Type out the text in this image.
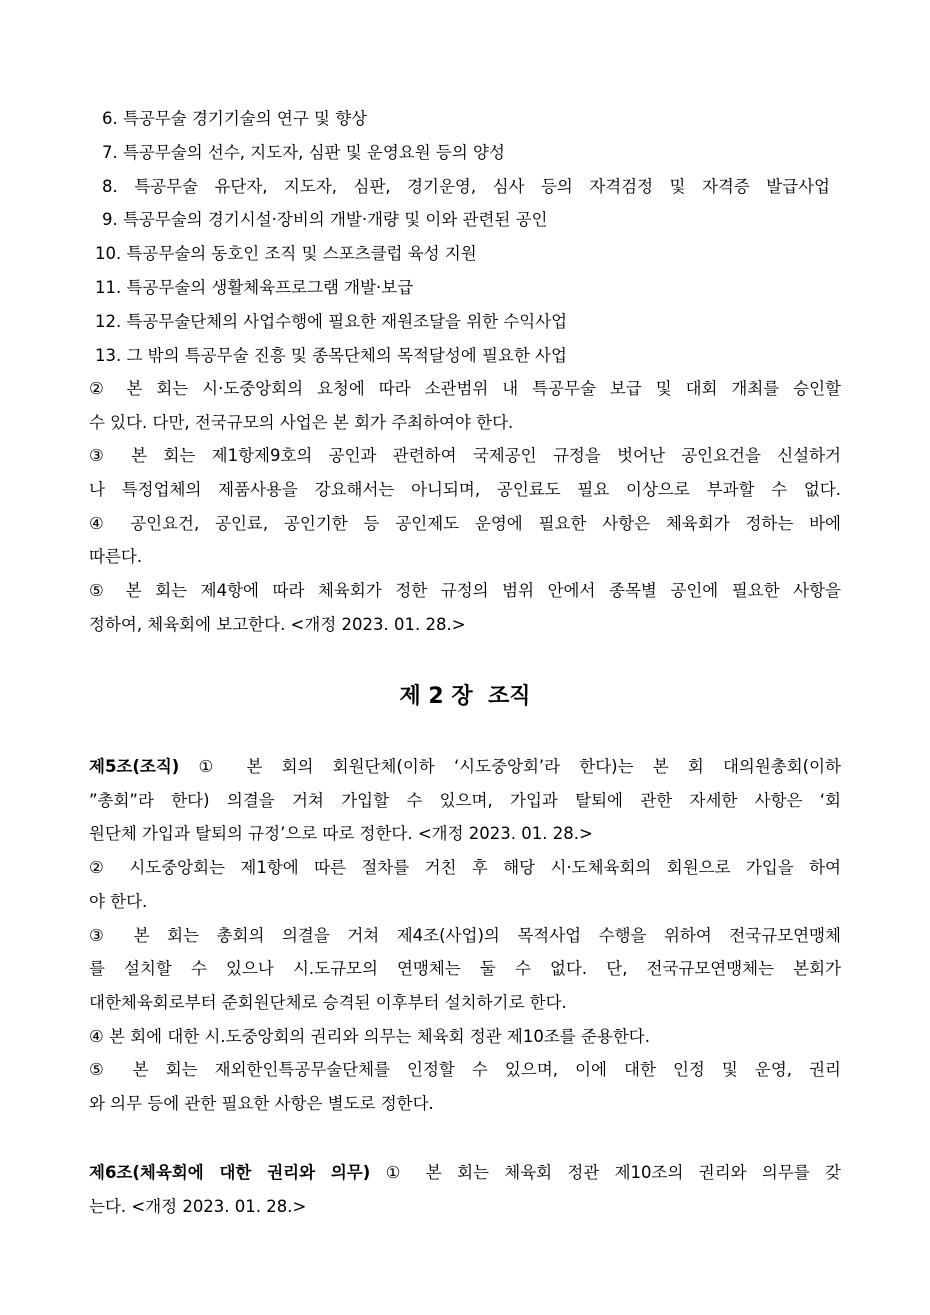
6. 특공무술 경기기술의 연구 및 향상
7. 특공무술의 선수, 지도자, 심판 및 운영요원 등의 양성
8. 특공무술 유단자, 지도자, 심판, 경기운영, 심사 등의 자격검정 및 자격증 발급사업
9. 특공무술의 경기시설·장비의 개발·개량 및 이와 관련된 공인
10. 특공무술의 동호인 조직 및 스포츠클럽 육성 지원
11. 특공무술의 생활체육프로그램 개발·보급
12. 특공무술단체의 사업수행에 필요한 재원조달을 위한 수익사업
13. 그 밖의 특공무술 진흥 및 종목단체의 목적달성에 필요한 사업
② 본 회는 시·도중앙회의 요청에 따라 소관범위 내 특공무술 보급 및 대회 개최를 승인할
수 있다. 다만, 전국규모의 사업은 본 회가 주최하여야 한다.
③ 본 회는 제1항제9호의 공인과 관련하여 국제공인 규정을 벗어난 공인요건을 신설하거
나 특정업체의 제품사용을 강요해서는 아니되며, 공인료도 필요 이상으로 부과할 수 없다.
④ 공인요건, 공인료, 공인기한 등 공인제도 운영에 필요한 사항은 체육회가 정하는 바에
따른다.
⑤ 본 회는 제4항에 따라 체육회가 정한 규정의 범위 안에서 종목별 공인에 필요한 사항을
정하여, 체육회에 보고한다. <개정 2023. 01. 28.>
제 2 장  조직
제5조(조직) ① 본 회의 회원단체(이하 ‘시도중앙회’라 한다)는 본 회 대의원총회(이하
”총회”라 한다) 의결을 거쳐 가입할 수 있으며, 가입과 탈퇴에 관한 자세한 사항은 ‘회
원단체 가입과 탈퇴의 규정’으로 따로 정한다. <개정 2023. 01. 28.>
② 시도중앙회는 제1항에 따른 절차를 거친 후 해당 시·도체육회의 회원으로 가입을 하여
야 한다.
③ 본 회는 총회의 의결을 거쳐 제4조(사업)의 목적사업 수행을 위하여 전국규모연맹체
를 설치할 수 있으나 시.도규모의 연맹체는 둘 수 없다. 단, 전국규모연맹체는 본회가
대한체육회로부터 준회원단체로 승격된 이후부터 설치하기로 한다.
④ 본 회에 대한 시.도중앙회의 권리와 의무는 체육회 정관 제10조를 준용한다.
⑤ 본 회는 재외한인특공무술단체를 인정할 수 있으며, 이에 대한 인정 및 운영, 권리
와 의무 등에 관한 필요한 사항은 별도로 정한다.
제6조(체육회에 대한 권리와 의무) ① 본 회는 체육회 정관 제10조의 권리와 의무를 갖
는다. <개정 2023. 01. 28.>
